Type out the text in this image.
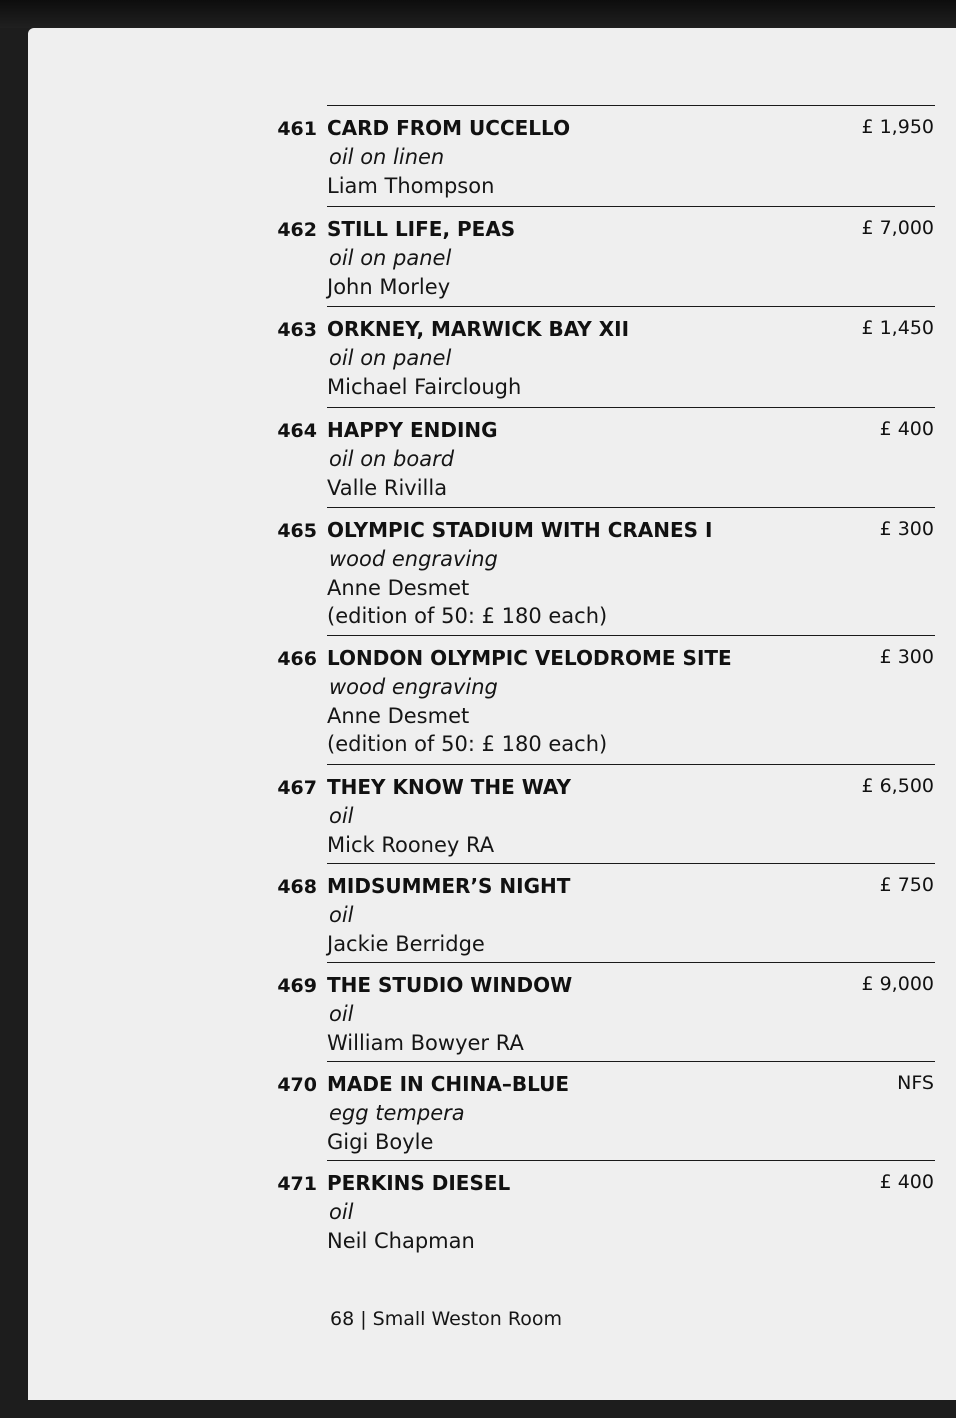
461 CARD FROM UCCELLO	£ 1,950
oil on linen
Liam Thompson
462 STILL LIFE, PEAS	£ 7,000
oil on panel
John Morley
463 ORKNEY, MARWICK BAY XII	£ 1,450
oil on panel
Michael Fairclough
464 HAPPY ENDING	£ 400
oil on board
Valle Rivilla
465 OLYMPIC STADIUM WITH CRANES I	£ 300
wood engraving
Anne Desmet
(edition of 50: £ 180 each)
466 LONDON OLYMPIC VELODROME SITE	£ 300
wood engraving
Anne Desmet
(edition of 50: £ 180 each)
467 THEY KNOW THE WAY	£ 6,500
oil
Mick Rooney RA
468 MIDSUMMER’S NIGHT	£ 750
oil
Jackie Berridge
469 THE STUDIO WINDOW	£ 9,000
oil
William Bowyer RA
470 MADE IN CHINA–BLUE	NFS
egg tempera
Gigi Boyle
471 PERKINS DIESEL	£ 400
oil
Neil Chapman
68 | Small Weston Room
